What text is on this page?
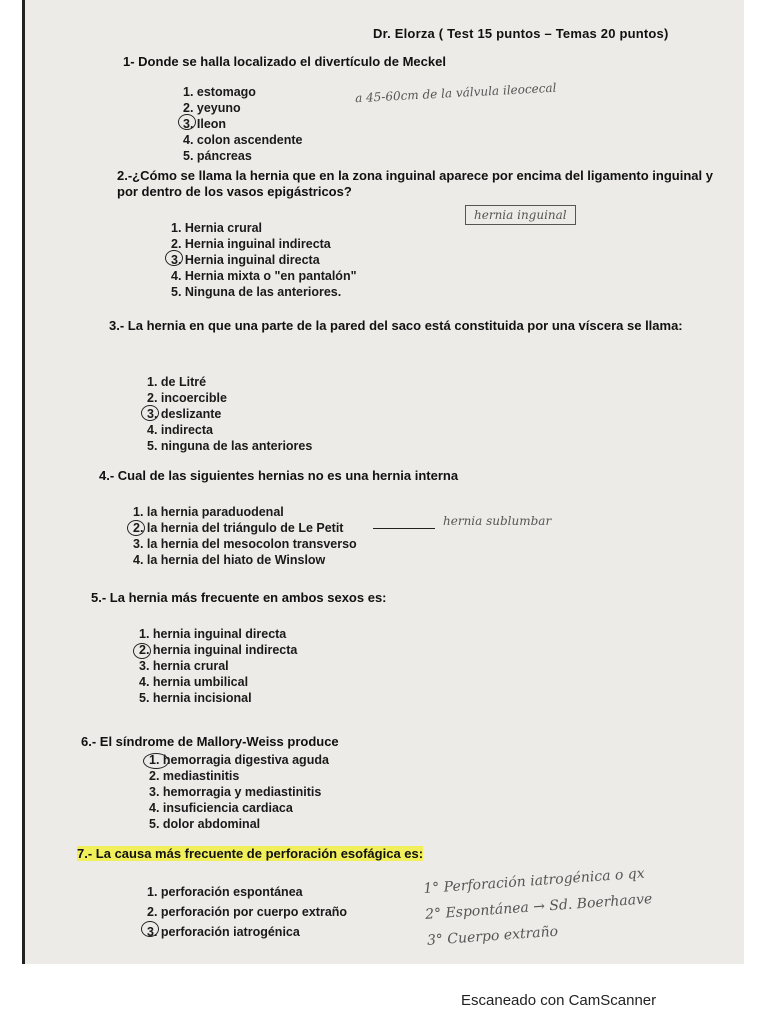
Dr. Elorza ( Test 15 puntos – Temas 20 puntos)
1- Donde se halla localizado el divertículo de Meckel
1. estomago
2. yeyuno
3. Ileon
4. colon ascendente
5. páncreas
a 45-60cm de la válvula ileocecal
2.-¿Cómo se llama la hernia que en la zona inguinal aparece por encima del ligamento inguinal y por dentro de los vasos epigástricos?
1. Hernia crural
2. Hernia inguinal indirecta
3. Hernia inguinal directa
4. Hernia mixta o "en pantalón"
5. Ninguna de las anteriores.
hernia inguinal
3.- La hernia en que una parte de la pared del saco está constituida por una víscera se llama:
1. de Litré
2. incoercible
3. deslizante
4. indirecta
5. ninguna de las anteriores
4.- Cual de las siguientes hernias no es una hernia interna
1. la hernia paraduodenal
2. la hernia del triángulo de Le Petit
3. la hernia del mesocolon transverso
4. la hernia del hiato de Winslow
hernia sublumbar
5.- La hernia más frecuente en ambos sexos es:
1. hernia inguinal directa
2. hernia inguinal indirecta
3. hernia crural
4. hernia umbilical
5. hernia incisional
6.- El síndrome de Mallory-Weiss produce
1. hemorragia digestiva aguda
2. mediastinitis
3. hemorragia y mediastinitis
4. insuficiencia cardiaca
5. dolor abdominal
7.- La causa más frecuente de perforación esofágica es:
1. perforación espontánea
2. perforación por cuerpo extraño
3. perforación iatrogénica
1° Perforación iatrogénica o qx
2° Espontánea → Sd. Boerhaave
3° Cuerpo extraño
Escaneado con CamScanner
